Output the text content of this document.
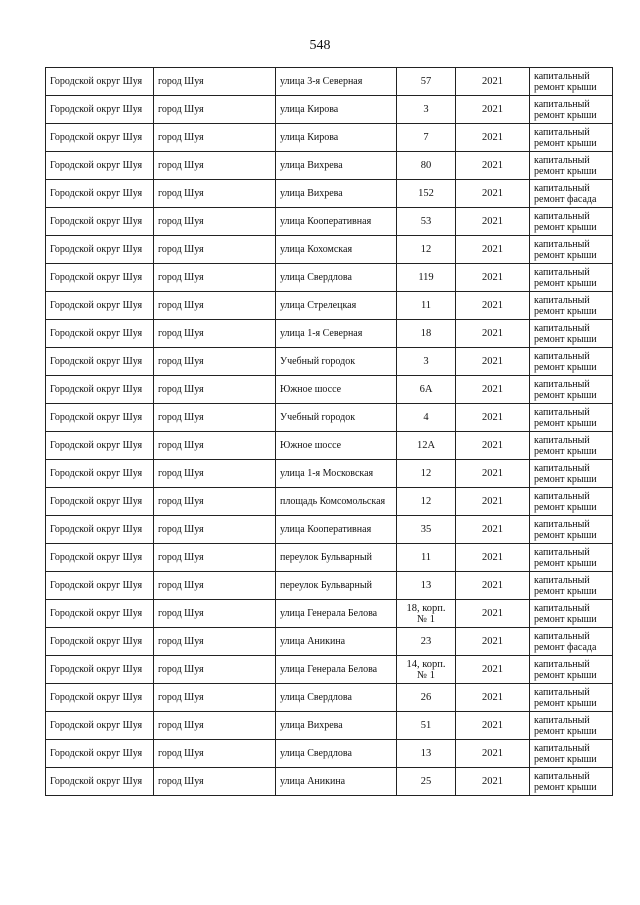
548
Городской округ Шуя	город Шуя	улица 3-я Северная	57	2021	капитальный ремонт крыши
Городской округ Шуя	город Шуя	улица Кирова	3	2021	капитальный ремонт крыши
Городской округ Шуя	город Шуя	улица Кирова	7	2021	капитальный ремонт крыши
Городской округ Шуя	город Шуя	улица Вихрева	80	2021	капитальный ремонт крыши
Городской округ Шуя	город Шуя	улица Вихрева	152	2021	капитальный ремонт фасада
Городской округ Шуя	город Шуя	улица Кооперативная	53	2021	капитальный ремонт крыши
Городской округ Шуя	город Шуя	улица Кохомская	12	2021	капитальный ремонт крыши
Городской округ Шуя	город Шуя	улица Свердлова	119	2021	капитальный ремонт крыши
Городской округ Шуя	город Шуя	улица Стрелецкая	11	2021	капитальный ремонт крыши
Городской округ Шуя	город Шуя	улица 1-я Северная	18	2021	капитальный ремонт крыши
Городской округ Шуя	город Шуя	Учебный городок	3	2021	капитальный ремонт крыши
Городской округ Шуя	город Шуя	Южное шоссе	6А	2021	капитальный ремонт крыши
Городской округ Шуя	город Шуя	Учебный городок	4	2021	капитальный ремонт крыши
Городской округ Шуя	город Шуя	Южное шоссе	12А	2021	капитальный ремонт крыши
Городской округ Шуя	город Шуя	улица 1-я Московская	12	2021	капитальный ремонт крыши
Городской округ Шуя	город Шуя	площадь Комсомольская	12	2021	капитальный ремонт крыши
Городской округ Шуя	город Шуя	улица Кооперативная	35	2021	капитальный ремонт крыши
Городской округ Шуя	город Шуя	переулок Бульварный	11	2021	капитальный ремонт крыши
Городской округ Шуя	город Шуя	переулок Бульварный	13	2021	капитальный ремонт крыши
Городской округ Шуя	город Шуя	улица Генерала Белова	18, корп. № 1	2021	капитальный ремонт крыши
Городской округ Шуя	город Шуя	улица Аникина	23	2021	капитальный ремонт фасада
Городской округ Шуя	город Шуя	улица Генерала Белова	14, корп. № 1	2021	капитальный ремонт крыши
Городской округ Шуя	город Шуя	улица Свердлова	26	2021	капитальный ремонт крыши
Городской округ Шуя	город Шуя	улица Вихрева	51	2021	капитальный ремонт крыши
Городской округ Шуя	город Шуя	улица Свердлова	13	2021	капитальный ремонт крыши
Городской округ Шуя	город Шуя	улица Аникина	25	2021	капитальный ремонт крыши
